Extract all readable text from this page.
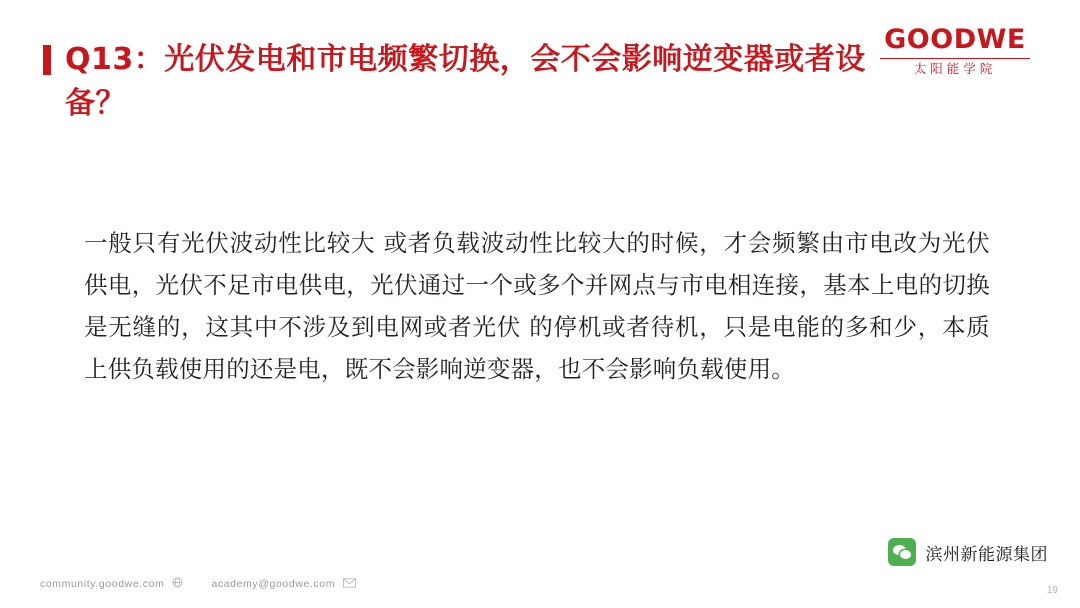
GOODWE
太阳能学院
Q13：光伏发电和市电频繁切换，会不会影响逆变器或者设备？
一般只有光伏波动性比较大 或者负载波动性比较大的时候，才会频繁由市电改为光伏供电，光伏不足市电供电，光伏通过一个或多个并网点与市电相连接，基本上电的切换是无缝的，这其中不涉及到电网或者光伏 的停机或者待机，只是电能的多和少，本质上供负载使用的还是电，既不会影响逆变器，也不会影响负载使用。
community.goodwe.com	academy@goodwe.com
滨州新能源集团
19
